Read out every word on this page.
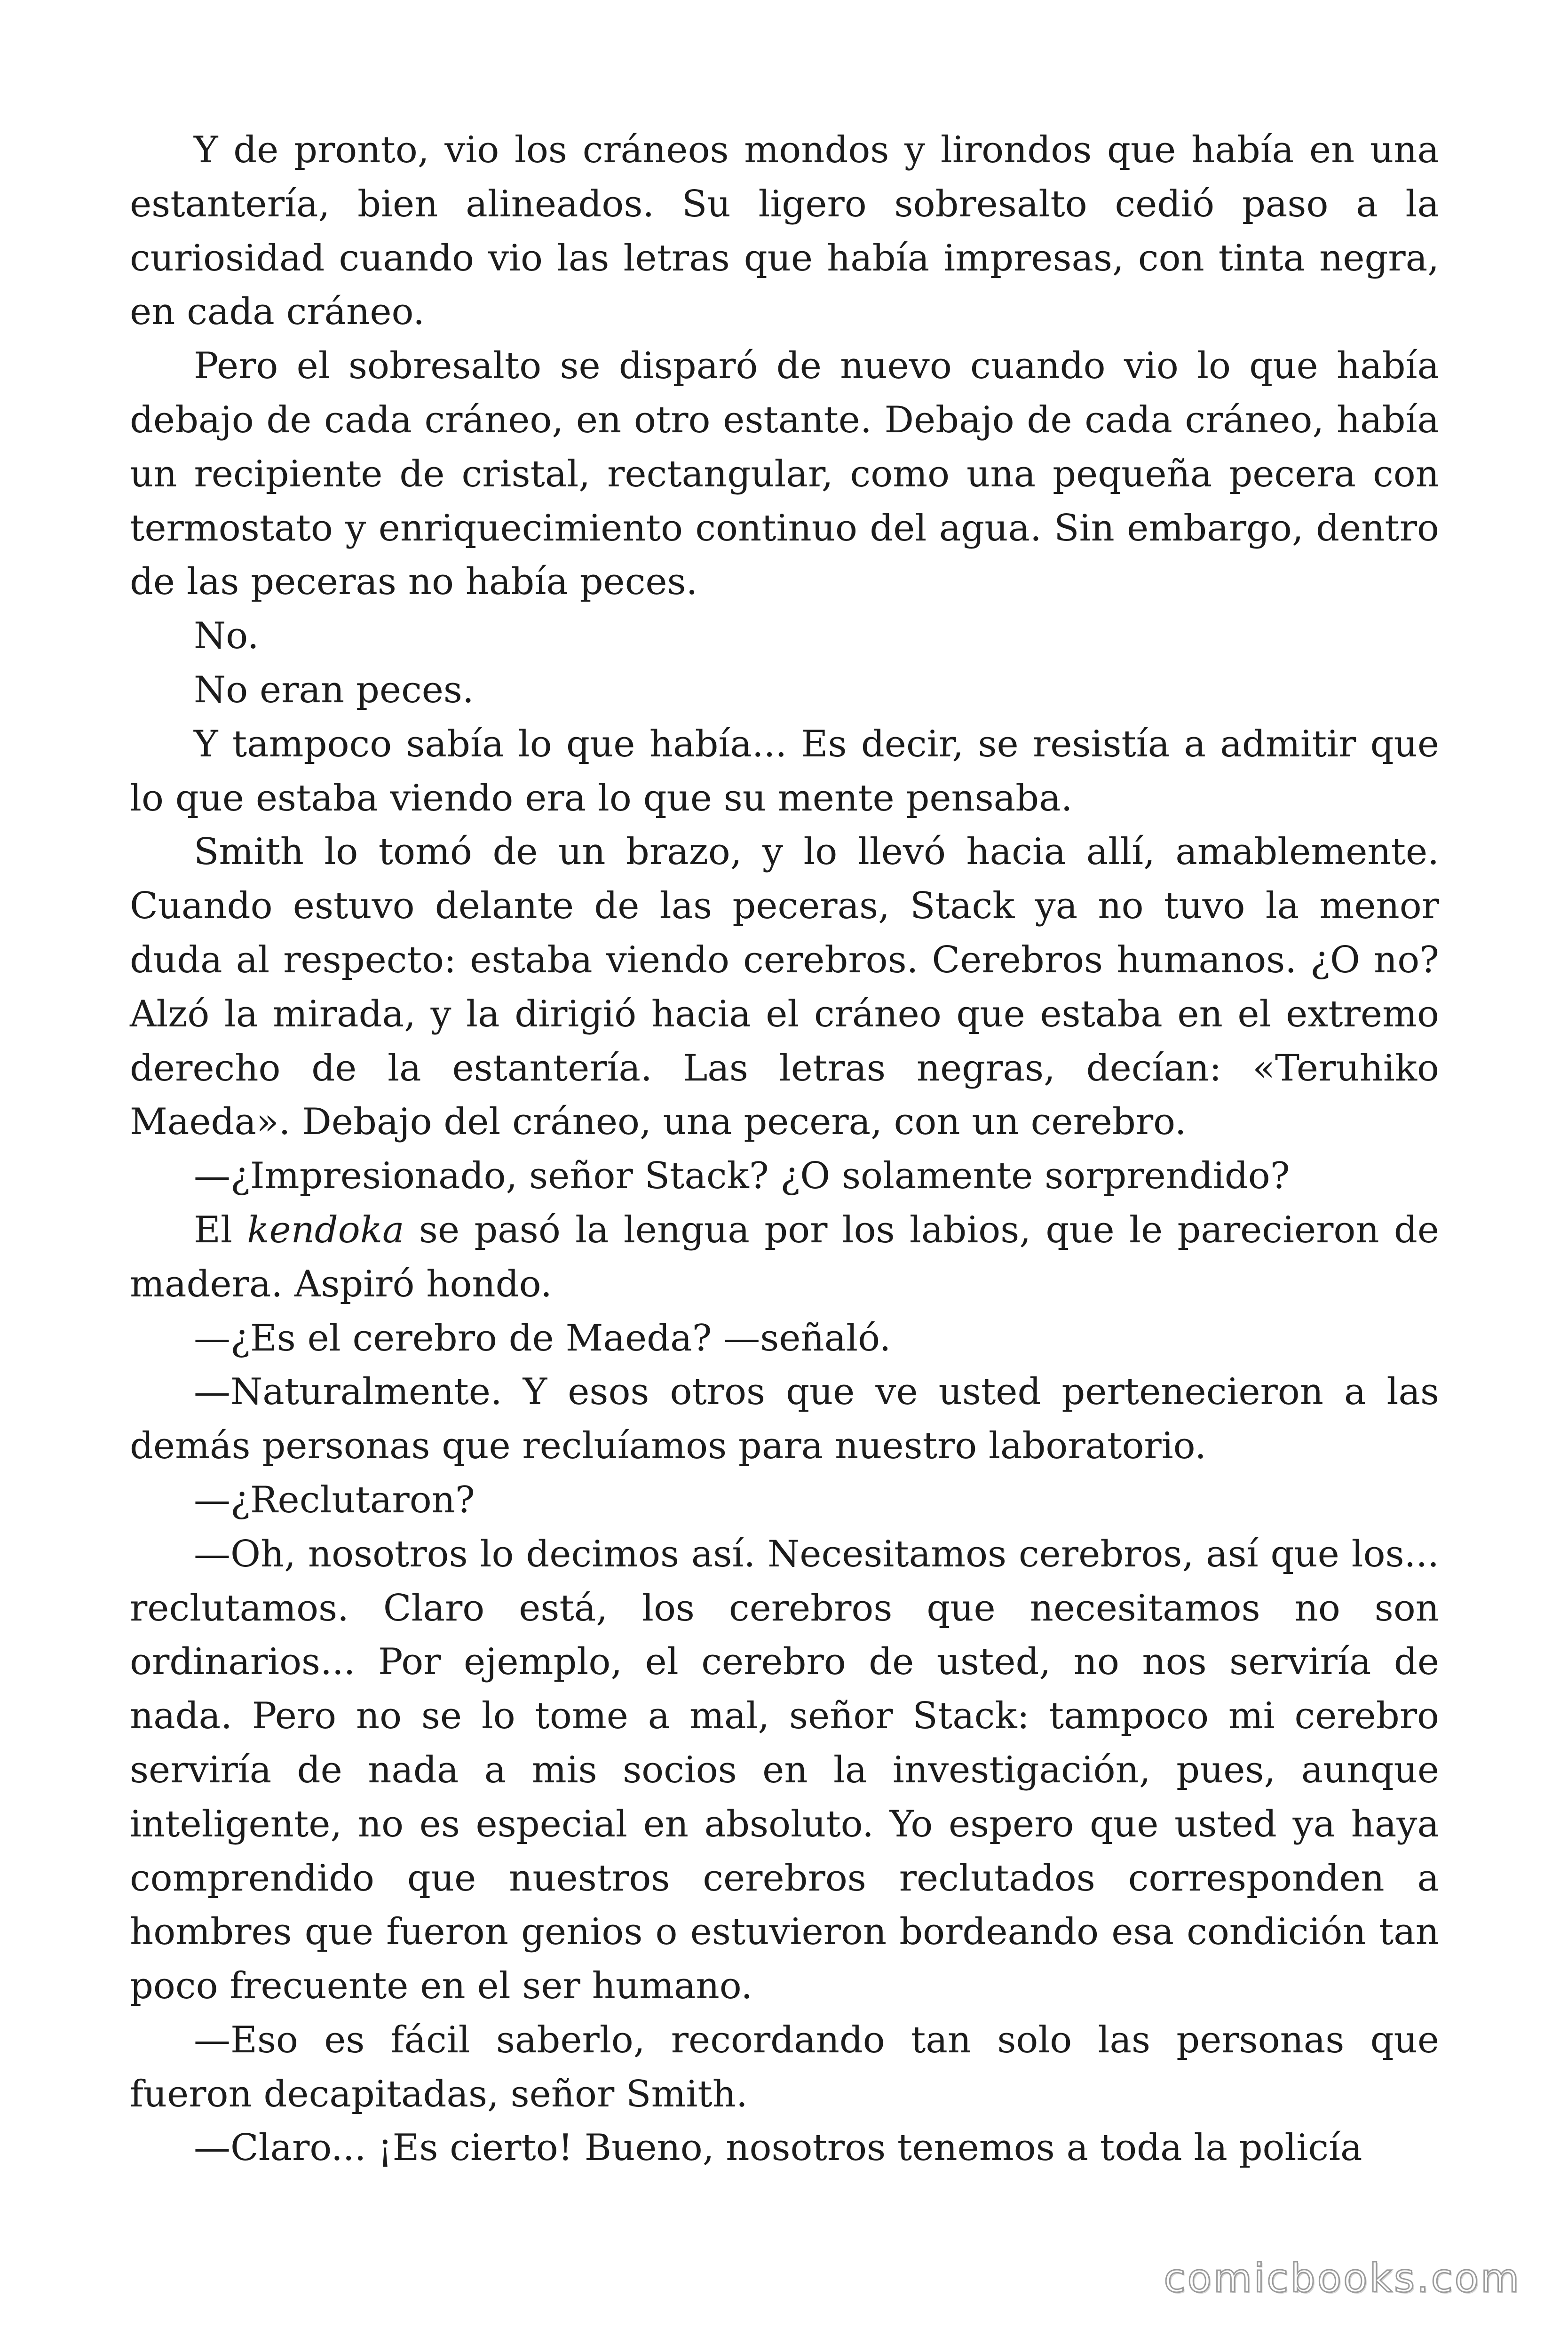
Y de pronto, vio los cráneos mondos y lirondos que había en una estantería, bien alineados. Su ligero sobresalto cedió paso a la curiosidad cuando vio las letras que había impresas, con tinta negra, en cada cráneo.

Pero el sobresalto se disparó de nuevo cuando vio lo que había debajo de cada cráneo, en otro estante. Debajo de cada cráneo, había un recipiente de cristal, rectangular, como una pequeña pecera con termostato y enriquecimiento continuo del agua. Sin embargo, dentro de las peceras no había peces.

No.

No eran peces.

Y tampoco sabía lo que había... Es decir, se resistía a admitir que lo que estaba viendo era lo que su mente pensaba.

Smith lo tomó de un brazo, y lo llevó hacia allí, amablemente. Cuando estuvo delante de las peceras, Stack ya no tuvo la menor duda al respecto: estaba viendo cerebros. Cerebros humanos. ¿O no? Alzó la mirada, y la dirigió hacia el cráneo que estaba en el extremo derecho de la estantería. Las letras negras, decían: «Teruhiko Maeda». Debajo del cráneo, una pecera, con un cerebro.

—¿Impresionado, señor Stack? ¿O solamente sorprendido?

El kendoka se pasó la lengua por los labios, que le parecieron de madera. Aspiró hondo.

—¿Es el cerebro de Maeda? —señaló.

—Naturalmente. Y esos otros que ve usted pertenecieron a las demás personas que recluíamos para nuestro laboratorio.

—¿Reclutaron?

—Oh, nosotros lo decimos así. Necesitamos cerebros, así que los... reclutamos. Claro está, los cerebros que necesitamos no son ordinarios... Por ejemplo, el cerebro de usted, no nos serviría de nada. Pero no se lo tome a mal, señor Stack: tampoco mi cerebro serviría de nada a mis socios en la investigación, pues, aunque inteligente, no es especial en absoluto. Yo espero que usted ya haya comprendido que nuestros cerebros reclutados corresponden a hombres que fueron genios o estuvieron bordeando esa condición tan poco frecuente en el ser humano.

—Eso es fácil saberlo, recordando tan solo las personas que fueron decapitadas, señor Smith.

—Claro... ¡Es cierto! Bueno, nosotros tenemos a toda la policía

comicbooks.com
